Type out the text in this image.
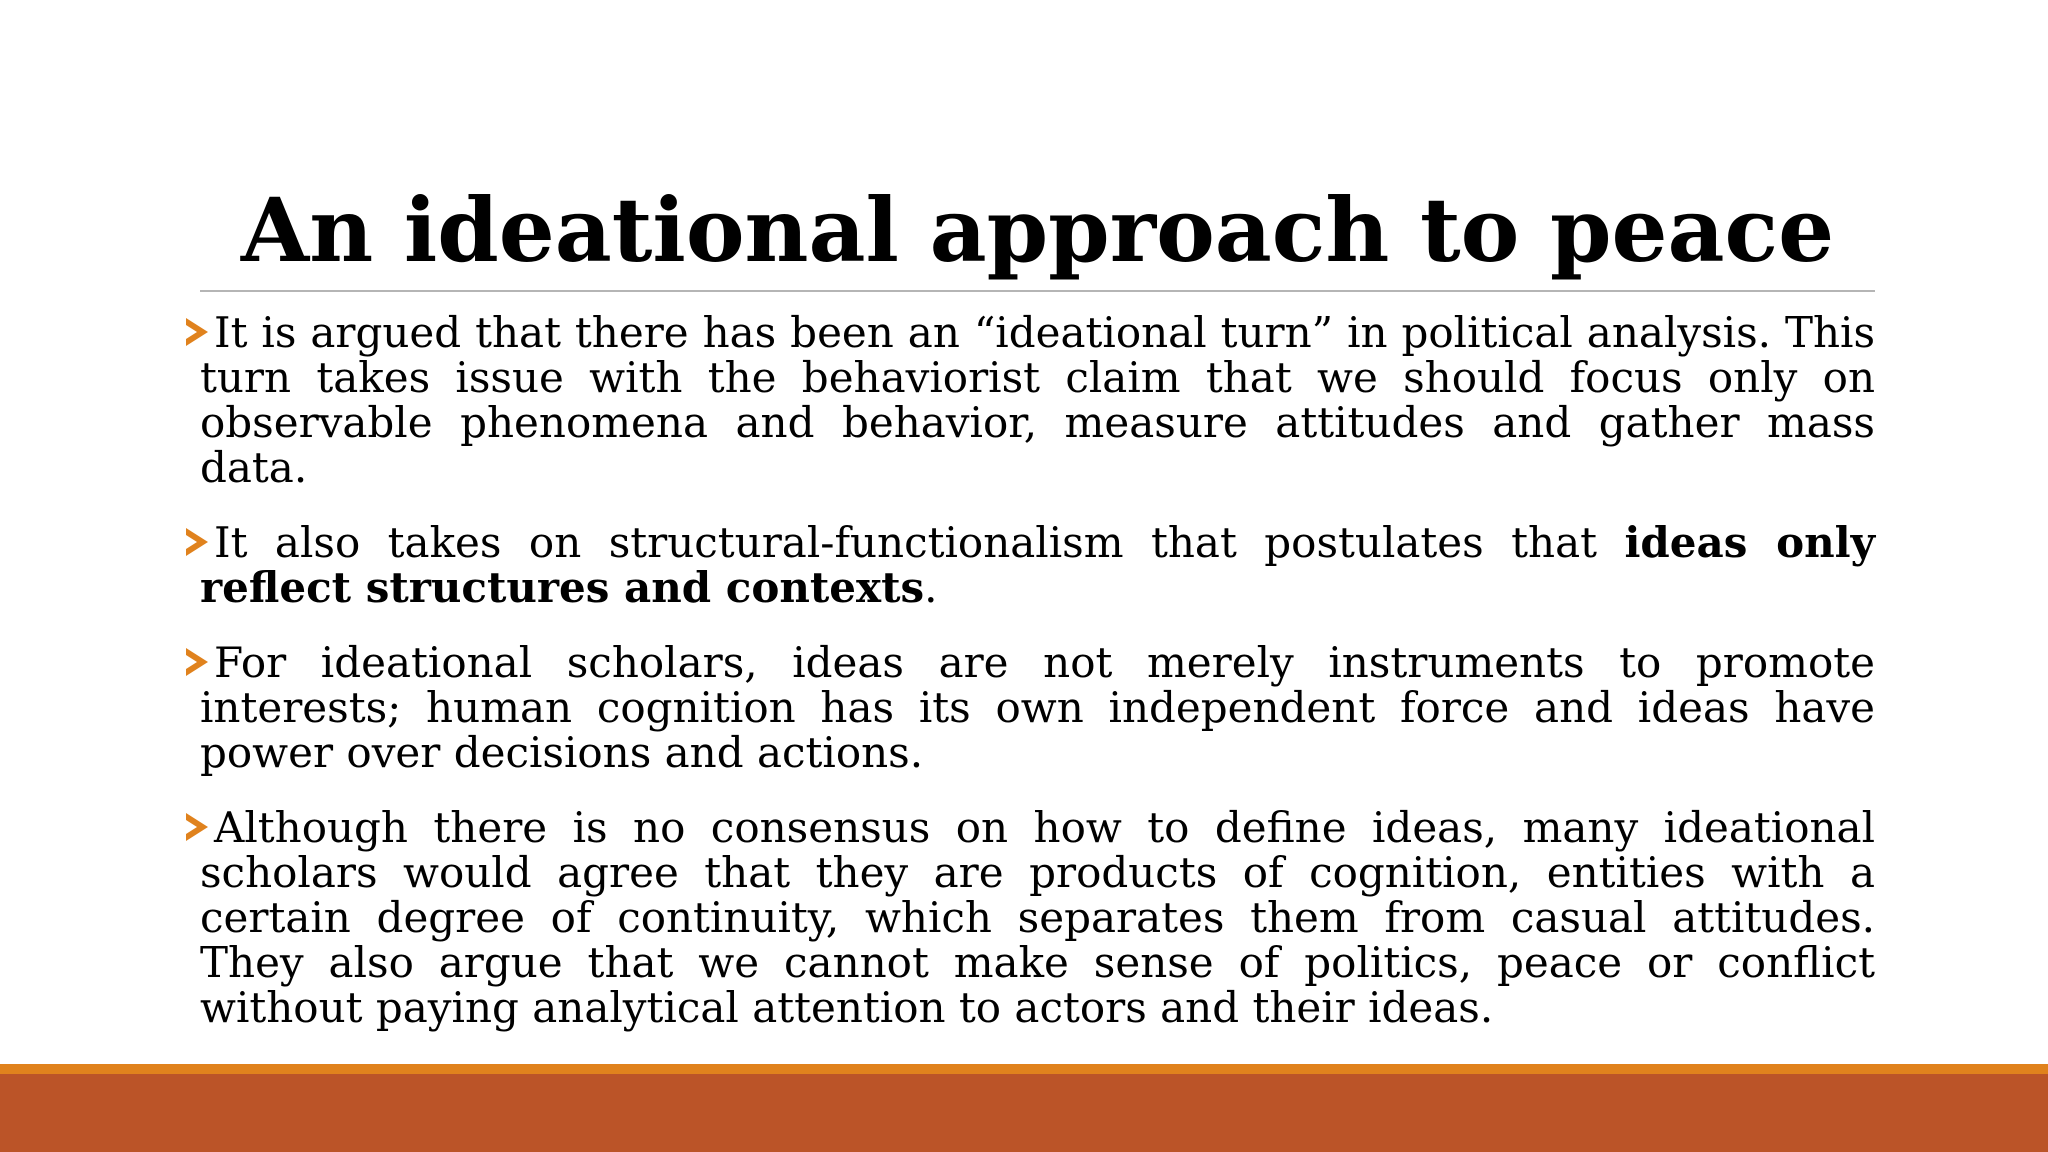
An ideational approach to peace

It is argued that there has been an “ideational turn” in political analysis. This turn takes issue with the behaviorist claim that we should focus only on observable phenomena and behavior, measure attitudes and gather mass data.

It also takes on structural-functionalism that postulates that ideas only reflect structures and contexts.

For ideational scholars, ideas are not merely instruments to promote interests; human cognition has its own independent force and ideas have power over decisions and actions.

Although there is no consensus on how to define ideas, many ideational scholars would agree that they are products of cognition, entities with a certain degree of continuity, which separates them from casual attitudes. They also argue that we cannot make sense of politics, peace or conflict without paying analytical attention to actors and their ideas.
